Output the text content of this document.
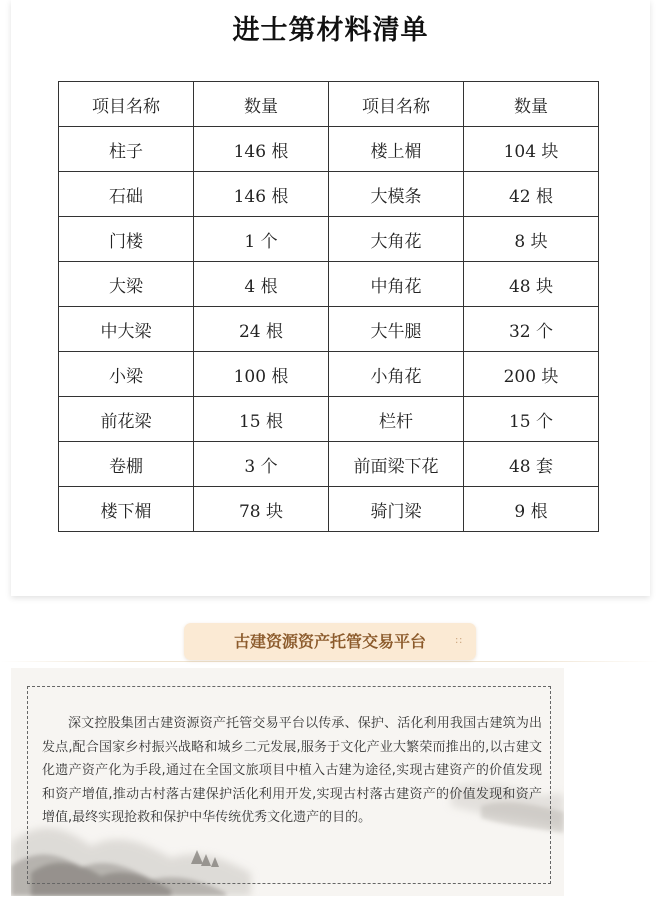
进士第材料清单
项目名称	数量	项目名称	数量
柱子	146 根	楼上楣	104 块
石础	146 根	大模条	42 根
门楼	1 个	大角花	8 块
大梁	4 根	中角花	48 块
中大梁	24 根	大牛腿	32 个
小梁	100 根	小角花	200 块
前花梁	15 根	栏杆	15 个
卷棚	3 个	前面梁下花	48 套
楼下楣	78 块	骑门梁	9 根
古建资源资产托管交易平台	∷

深文控股集团古建资源资产托管交易平台以传承、保护、活化利用我国古建筑为出发点,配合国家乡村振兴战略和城乡二元发展,服务于文化产业大繁荣而推出的,以古建文化遗产资产化为手段,通过在全国文旅项目中植入古建为途径,实现古建资产的价值发现和资产增值,推动古村落古建保护活化利用开发,实现古村落古建资产的价值发现和资产增值,最终实现抢救和保护中华传统优秀文化遗产的目的。
